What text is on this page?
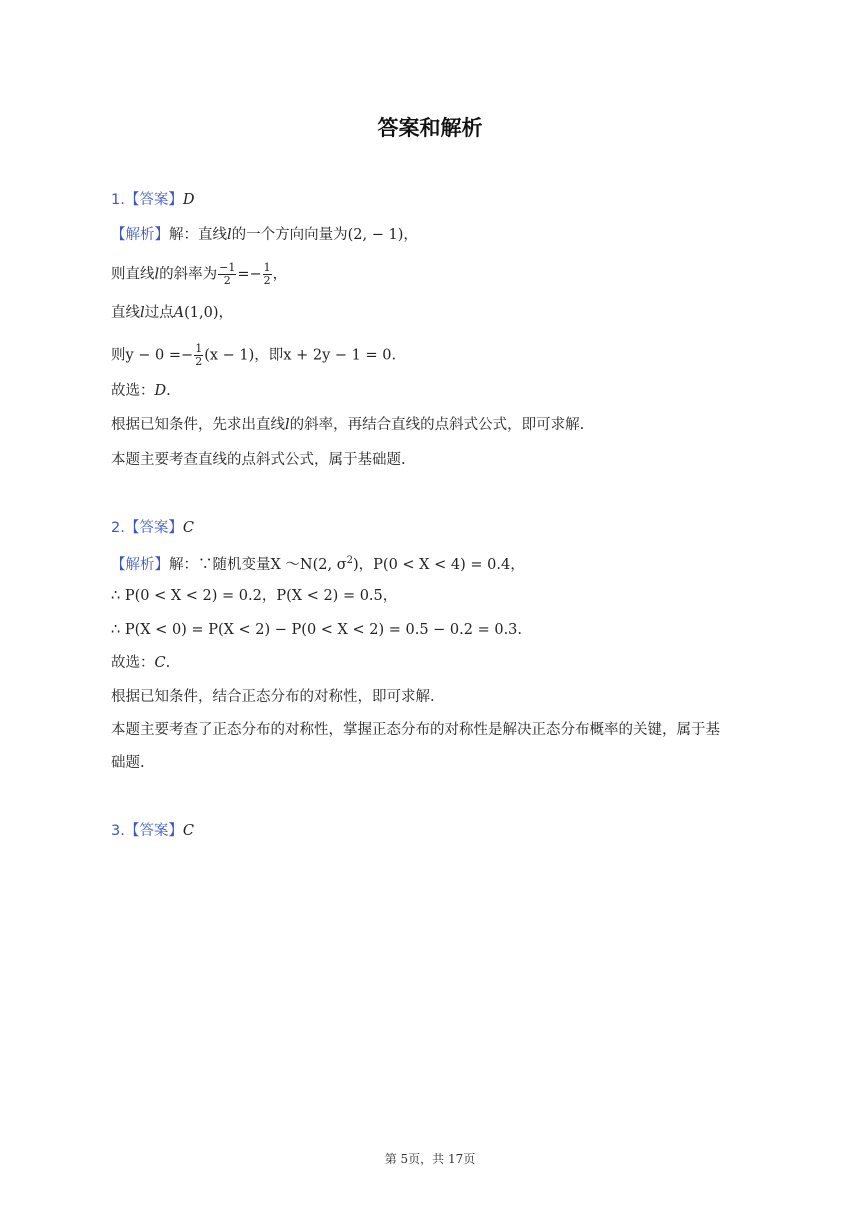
答案和解析
1.【答案】D
【解析】解：直线l的一个方向向量为(2, − 1)，
则直线l的斜率为 $\frac{-1}{2} =- \frac{1}{2}$ ，
直线l过点A(1,0)，
则$y - 0 =- \frac{1}{2} (x - 1)$，即x + 2y − 1 = 0.
故选：D.
根据已知条件，先求出直线l的斜率，再结合直线的点斜式公式，即可求解.
本题主要考查直线的点斜式公式，属于基础题.
2.【答案】C
【解析】解：∵随机变量X ～N(2, $\sigma^2$)，P(0 < X < 4) = 0.4，
∴ P(0 < X < 2) = 0.2，P(X < 2) = 0.5，
∴ P(X < 0) = P(X < 2) − P(0 < X < 2) = 0.5 − 0.2 = 0.3.
故选：C.
根据已知条件，结合正态分布的对称性，即可求解.
本题主要考查了正态分布的对称性，掌握正态分布的对称性是解决正态分布概率的关键，属于基
础题.
3.【答案】C
第 5页，共 17页
